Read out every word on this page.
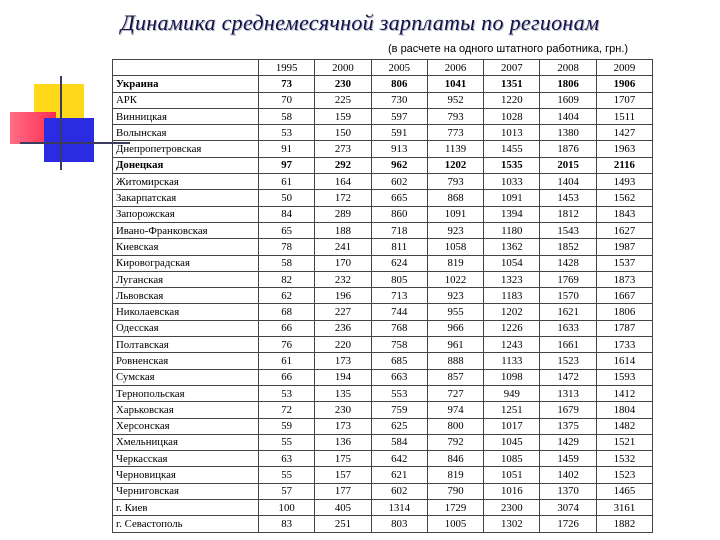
Динамика среднемесячной зарплаты по регионам
(в расчете на одного штатного работника, грн.)
	1995	2000	2005	2006	2007	2008	2009
Украина	73	230	806	1041	1351	1806	1906
АРК	70	225	730	952	1220	1609	1707
Винницкая	58	159	597	793	1028	1404	1511
Волынская	53	150	591	773	1013	1380	1427
Днепропетровская	91	273	913	1139	1455	1876	1963
Донецкая	97	292	962	1202	1535	2015	2116
Житомирская	61	164	602	793	1033	1404	1493
Закарпатская	50	172	665	868	1091	1453	1562
Запорожская	84	289	860	1091	1394	1812	1843
Ивано-Франковская	65	188	718	923	1180	1543	1627
Киевская	78	241	811	1058	1362	1852	1987
Кировоградская	58	170	624	819	1054	1428	1537
Луганская	82	232	805	1022	1323	1769	1873
Львовская	62	196	713	923	1183	1570	1667
Николаевская	68	227	744	955	1202	1621	1806
Одесская	66	236	768	966	1226	1633	1787
Полтавская	76	220	758	961	1243	1661	1733
Ровненская	61	173	685	888	1133	1523	1614
Сумская	66	194	663	857	1098	1472	1593
Тернопольская	53	135	553	727	949	1313	1412
Харьковская	72	230	759	974	1251	1679	1804
Херсонская	59	173	625	800	1017	1375	1482
Хмельницкая	55	136	584	792	1045	1429	1521
Черкасская	63	175	642	846	1085	1459	1532
Черновицкая	55	157	621	819	1051	1402	1523
Черниговская	57	177	602	790	1016	1370	1465
г. Киев	100	405	1314	1729	2300	3074	3161
г. Севастополь	83	251	803	1005	1302	1726	1882
